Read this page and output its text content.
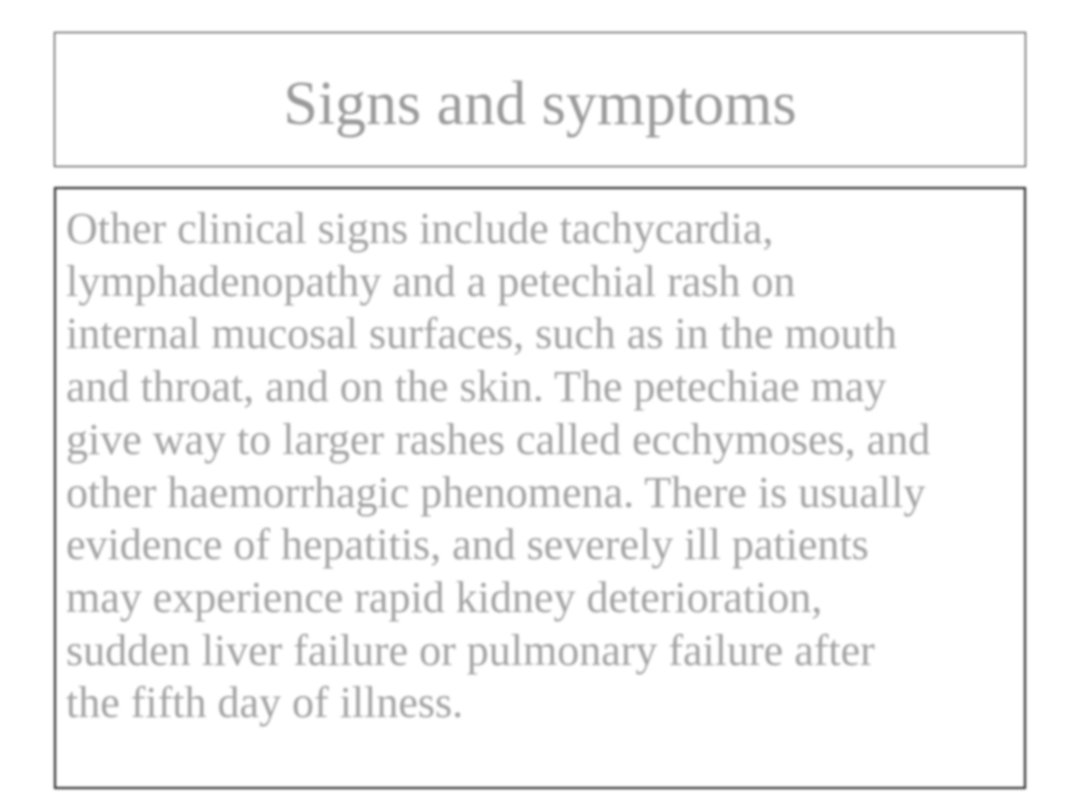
Signs and symptoms

Other clinical signs include tachycardia,
lymphadenopathy and a petechial rash on
internal mucosal surfaces, such as in the mouth
and throat, and on the skin. The petechiae may
give way to larger rashes called ecchymoses, and
other haemorrhagic phenomena. There is usually
evidence of hepatitis, and severely ill patients
may experience rapid kidney deterioration,
sudden liver failure or pulmonary failure after
the fifth day of illness.
